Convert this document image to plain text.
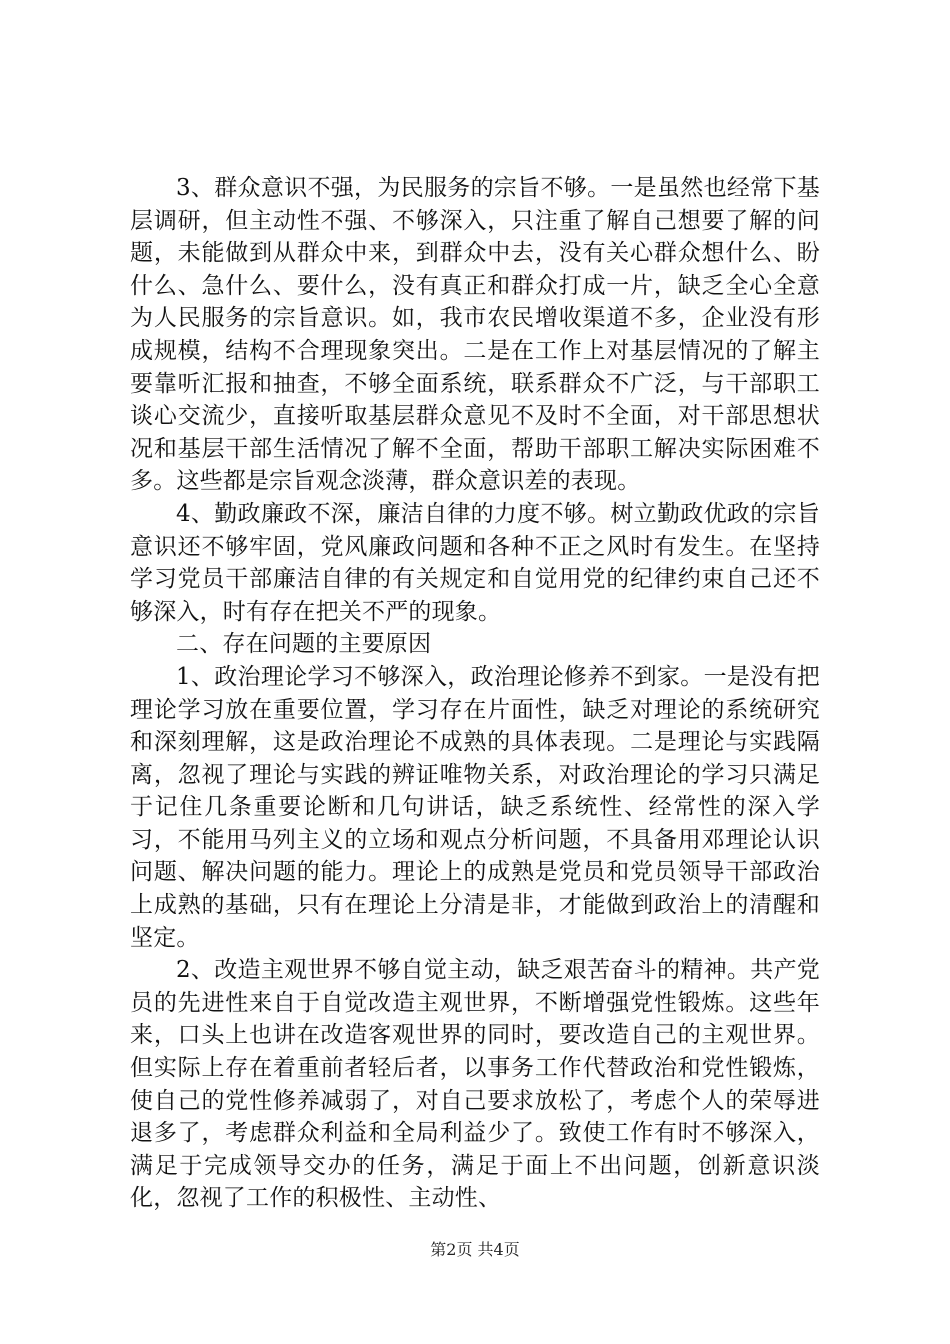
3、群众意识不强，为民服务的宗旨不够。一是虽然也经常下基层调研，但主动性不强、不够深入，只注重了解自己想要了解的问题，未能做到从群众中来，到群众中去，没有关心群众想什么、盼什么、急什么、要什么，没有真正和群众打成一片，缺乏全心全意为人民服务的宗旨意识。如，我市农民增收渠道不多，企业没有形成规模，结构不合理现象突出。二是在工作上对基层情况的了解主要靠听汇报和抽查，不够全面系统，联系群众不广泛，与干部职工谈心交流少，直接听取基层群众意见不及时不全面，对干部思想状况和基层干部生活情况了解不全面，帮助干部职工解决实际困难不多。这些都是宗旨观念淡薄，群众意识差的表现。

4、勤政廉政不深，廉洁自律的力度不够。树立勤政优政的宗旨意识还不够牢固，党风廉政问题和各种不正之风时有发生。在坚持学习党员干部廉洁自律的有关规定和自觉用党的纪律约束自己还不够深入，时有存在把关不严的现象。

二、存在问题的主要原因

1、政治理论学习不够深入，政治理论修养不到家。一是没有把理论学习放在重要位置，学习存在片面性，缺乏对理论的系统研究和深刻理解，这是政治理论不成熟的具体表现。二是理论与实践隔离，忽视了理论与实践的辨证唯物关系，对政治理论的学习只满足于记住几条重要论断和几句讲话，缺乏系统性、经常性的深入学习，不能用马列主义的立场和观点分析问题，不具备用邓理论认识问题、解决问题的能力。理论上的成熟是党员和党员领导干部政治上成熟的基础，只有在理论上分清是非，才能做到政治上的清醒和坚定。

2、改造主观世界不够自觉主动，缺乏艰苦奋斗的精神。共产党员的先进性来自于自觉改造主观世界，不断增强党性锻炼。这些年来，口头上也讲在改造客观世界的同时，要改造自己的主观世界。但实际上存在着重前者轻后者，以事务工作代替政治和党性锻炼，使自己的党性修养减弱了，对自己要求放松了，考虑个人的荣辱进退多了，考虑群众利益和全局利益少了。致使工作有时不够深入，满足于完成领导交办的任务，满足于面上不出问题，创新意识淡化，忽视了工作的积极性、主动性、

第2页 共4页
